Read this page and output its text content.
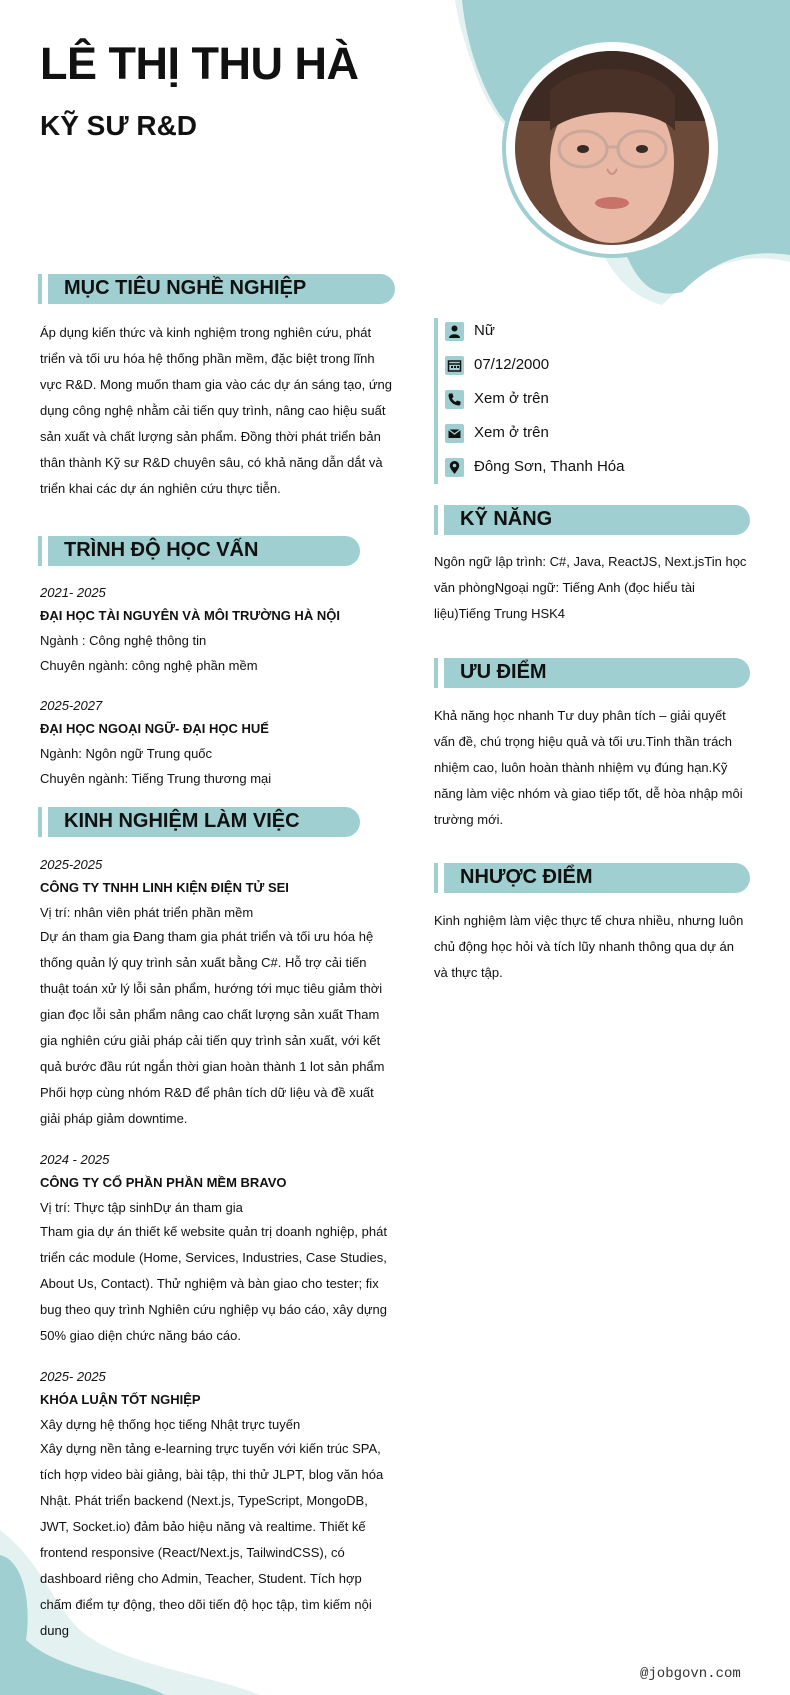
LÊ THỊ THU HÀ
KỸ SƯ R&D
MỤC TIÊU NGHỀ NGHIỆP
Áp dụng kiến thức và kinh nghiệm trong nghiên cứu, phát
triển và tối ưu hóa hệ thống phần mềm, đặc biệt trong lĩnh
vực R&D. Mong muốn tham gia vào các dự án sáng tạo, ứng
dụng công nghệ nhằm cải tiến quy trình, nâng cao hiệu suất
sản xuất và chất lượng sản phẩm. Đồng thời phát triển bản
thân thành Kỹ sư R&D chuyên sâu, có khả năng dẫn dắt và
triển khai các dự án nghiên cứu thực tiễn.
TRÌNH ĐỘ HỌC VẤN
2021- 2025
ĐẠI HỌC TÀI NGUYÊN VÀ MÔI TRƯỜNG HÀ NỘI
Ngành : Công nghệ thông tin
Chuyên ngành: công nghệ phần mềm
2025-2027
ĐẠI HỌC NGOẠI NGỮ- ĐẠI HỌC HUẾ
Ngành: Ngôn ngữ Trung quốc
Chuyên ngành: Tiếng Trung thương mại
KINH NGHIỆM LÀM VIỆC
2025-2025
CÔNG TY TNHH LINH KIỆN ĐIỆN TỬ SEI
Vị trí: nhân viên phát triển phần mềm
Dự án tham gia Đang tham gia phát triển và tối ưu hóa hệ
thống quản lý quy trình sản xuất bằng C#. Hỗ trợ cải tiến
thuật toán xử lý lỗi sản phẩm, hướng tới mục tiêu giảm thời
gian đọc lỗi sản phẩm nâng cao chất lượng sản xuất Tham
gia nghiên cứu giải pháp cải tiến quy trình sản xuất, với kết
quả bước đầu rút ngắn thời gian hoàn thành 1 lot sản phẩm
Phối hợp cùng nhóm R&D để phân tích dữ liệu và đề xuất
giải pháp giảm downtime.
2024 - 2025
CÔNG TY CỔ PHẦN PHẦN MỀM BRAVO
Vị trí: Thực tập sinhDự án tham gia
Tham gia dự án thiết kế website quản trị doanh nghiệp, phát
triển các module (Home, Services, Industries, Case Studies,
About Us, Contact). Thử nghiệm và bàn giao cho tester; fix
bug theo quy trình Nghiên cứu nghiệp vụ báo cáo, xây dựng
50% giao diện chức năng báo cáo.
2025- 2025
KHÓA LUẬN TỐT NGHIỆP
Xây dựng hệ thống học tiếng Nhật trực tuyến
Xây dựng nền tảng e-learning trực tuyến với kiến trúc SPA,
tích hợp video bài giảng, bài tập, thi thử JLPT, blog văn hóa
Nhật. Phát triển backend (Next.js, TypeScript, MongoDB,
JWT, Socket.io) đảm bảo hiệu năng và realtime. Thiết kế
frontend responsive (React/Next.js, TailwindCSS), có
dashboard riêng cho Admin, Teacher, Student. Tích hợp
chấm điểm tự động, theo dõi tiến độ học tập, tìm kiếm nội
dung
Nữ
07/12/2000
Xem ở trên
Xem ở trên
Đông Sơn, Thanh Hóa
KỸ NĂNG
Ngôn ngữ lập trình: C#, Java, ReactJS, Next.jsTin học
văn phòngNgoại ngữ: Tiếng Anh (đọc hiểu tài
liệu)Tiếng Trung HSK4
ƯU ĐIỂM
Khả năng học nhanh Tư duy phân tích – giải quyết
vấn đề, chú trọng hiệu quả và tối ưu.Tinh thần trách
nhiệm cao, luôn hoàn thành nhiệm vụ đúng hạn.Kỹ
năng làm việc nhóm và giao tiếp tốt, dễ hòa nhập môi
trường mới.
NHƯỢC ĐIỂM
Kinh nghiệm làm việc thực tế chưa nhiều, nhưng luôn
chủ động học hỏi và tích lũy nhanh thông qua dự án
và thực tập.
@jobgovn.com
